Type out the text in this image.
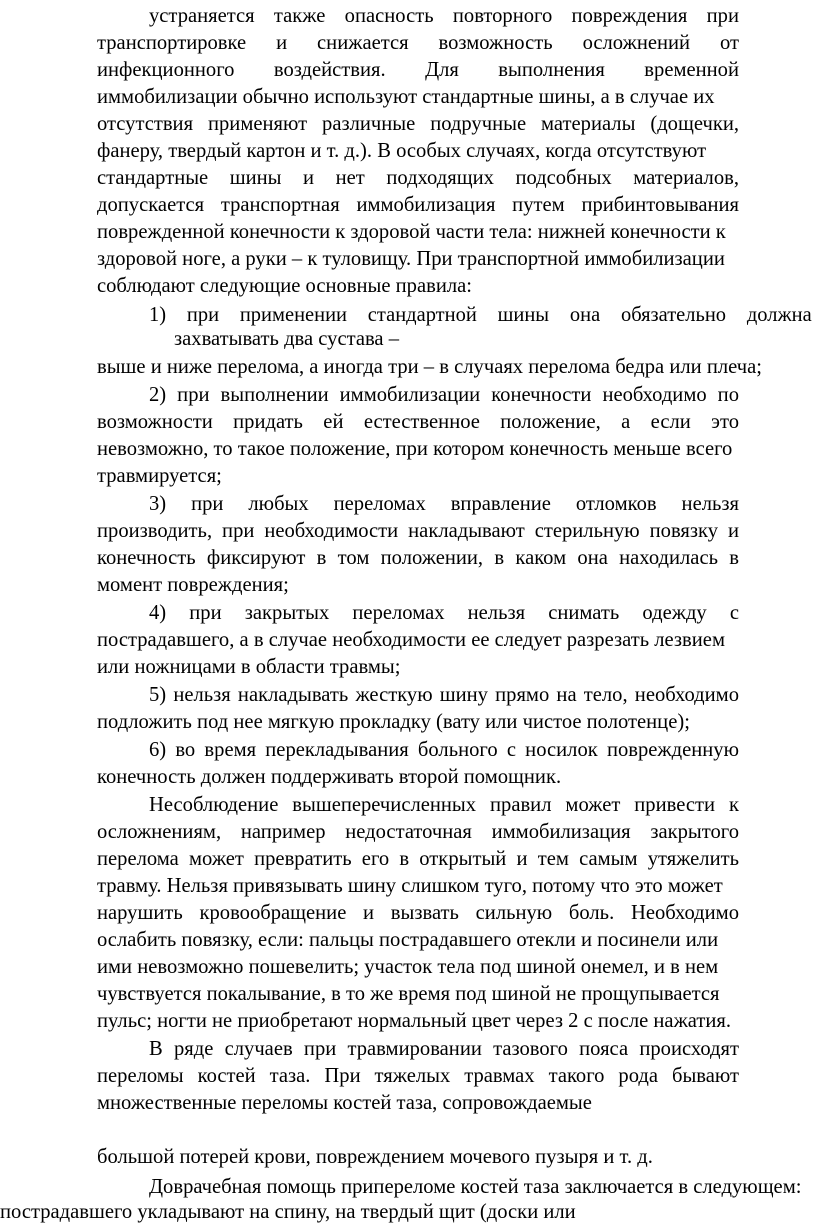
устраняется также опасность повторного повреждения при
транспортировке и снижается возможность осложнений от
инфекционного воздействия. Для выполнения временной
иммобилизации обычно используют стандартные шины, а в случае их
отсутствия применяют различные подручные материалы (дощечки,
фанеру, твердый картон и т. д.). В особых случаях, когда отсутствуют
стандартные шины и нет подходящих подсобных материалов,
допускается транспортная иммобилизация путем прибинтовывания
поврежденной конечности к здоровой части тела: нижней конечности к
здоровой ноге, а руки – к туловищу. При транспортной иммобилизации
соблюдают следующие основные правила:
1) при применении стандартной шины она обязательно должна
захватывать два сустава –
выше и ниже перелома, а иногда три – в случаях перелома бедра или плеча;
2) при выполнении иммобилизации конечности необходимо по
возможности придать ей естественное положение, а если это
невозможно, то такое положение, при котором конечность меньше всего
травмируется;
3) при любых переломах вправление отломков нельзя
производить, при необходимости накладывают стерильную повязку и
конечность фиксируют в том положении, в каком она находилась в
момент повреждения;
4) при закрытых переломах нельзя снимать одежду с
пострадавшего, а в случае необходимости ее следует разрезать лезвием
или ножницами в области травмы;
5) нельзя накладывать жесткую шину прямо на тело, необходимо
подложить под нее мягкую прокладку (вату или чистое полотенце);
6) во время перекладывания больного с носилок поврежденную
конечность должен поддерживать второй помощник.
Несоблюдение вышеперечисленных правил может привести к
осложнениям, например недостаточная иммобилизация закрытого
перелома может превратить его в открытый и тем самым утяжелить
травму. Нельзя привязывать шину слишком туго, потому что это может
нарушить кровообращение и вызвать сильную боль. Необходимо
ослабить повязку, если: пальцы пострадавшего отекли и посинели или
ими невозможно пошевелить; участок тела под шиной онемел, и в нем
чувствуется покалывание, в то же время под шиной не прощупывается
пульс; ногти не приобретают нормальный цвет через 2 с после нажатия.
В ряде случаев при травмировании тазового пояса происходят
переломы костей таза. При тяжелых травмах такого рода бывают
множественные переломы костей таза, сопровождаемые
большой потерей крови, повреждением мочевого пузыря и т. д.
Доврачебная помощь припереломе костей таза заключается в следующем:
пострадавшего укладывают на спину, на твердый щит (доски или
